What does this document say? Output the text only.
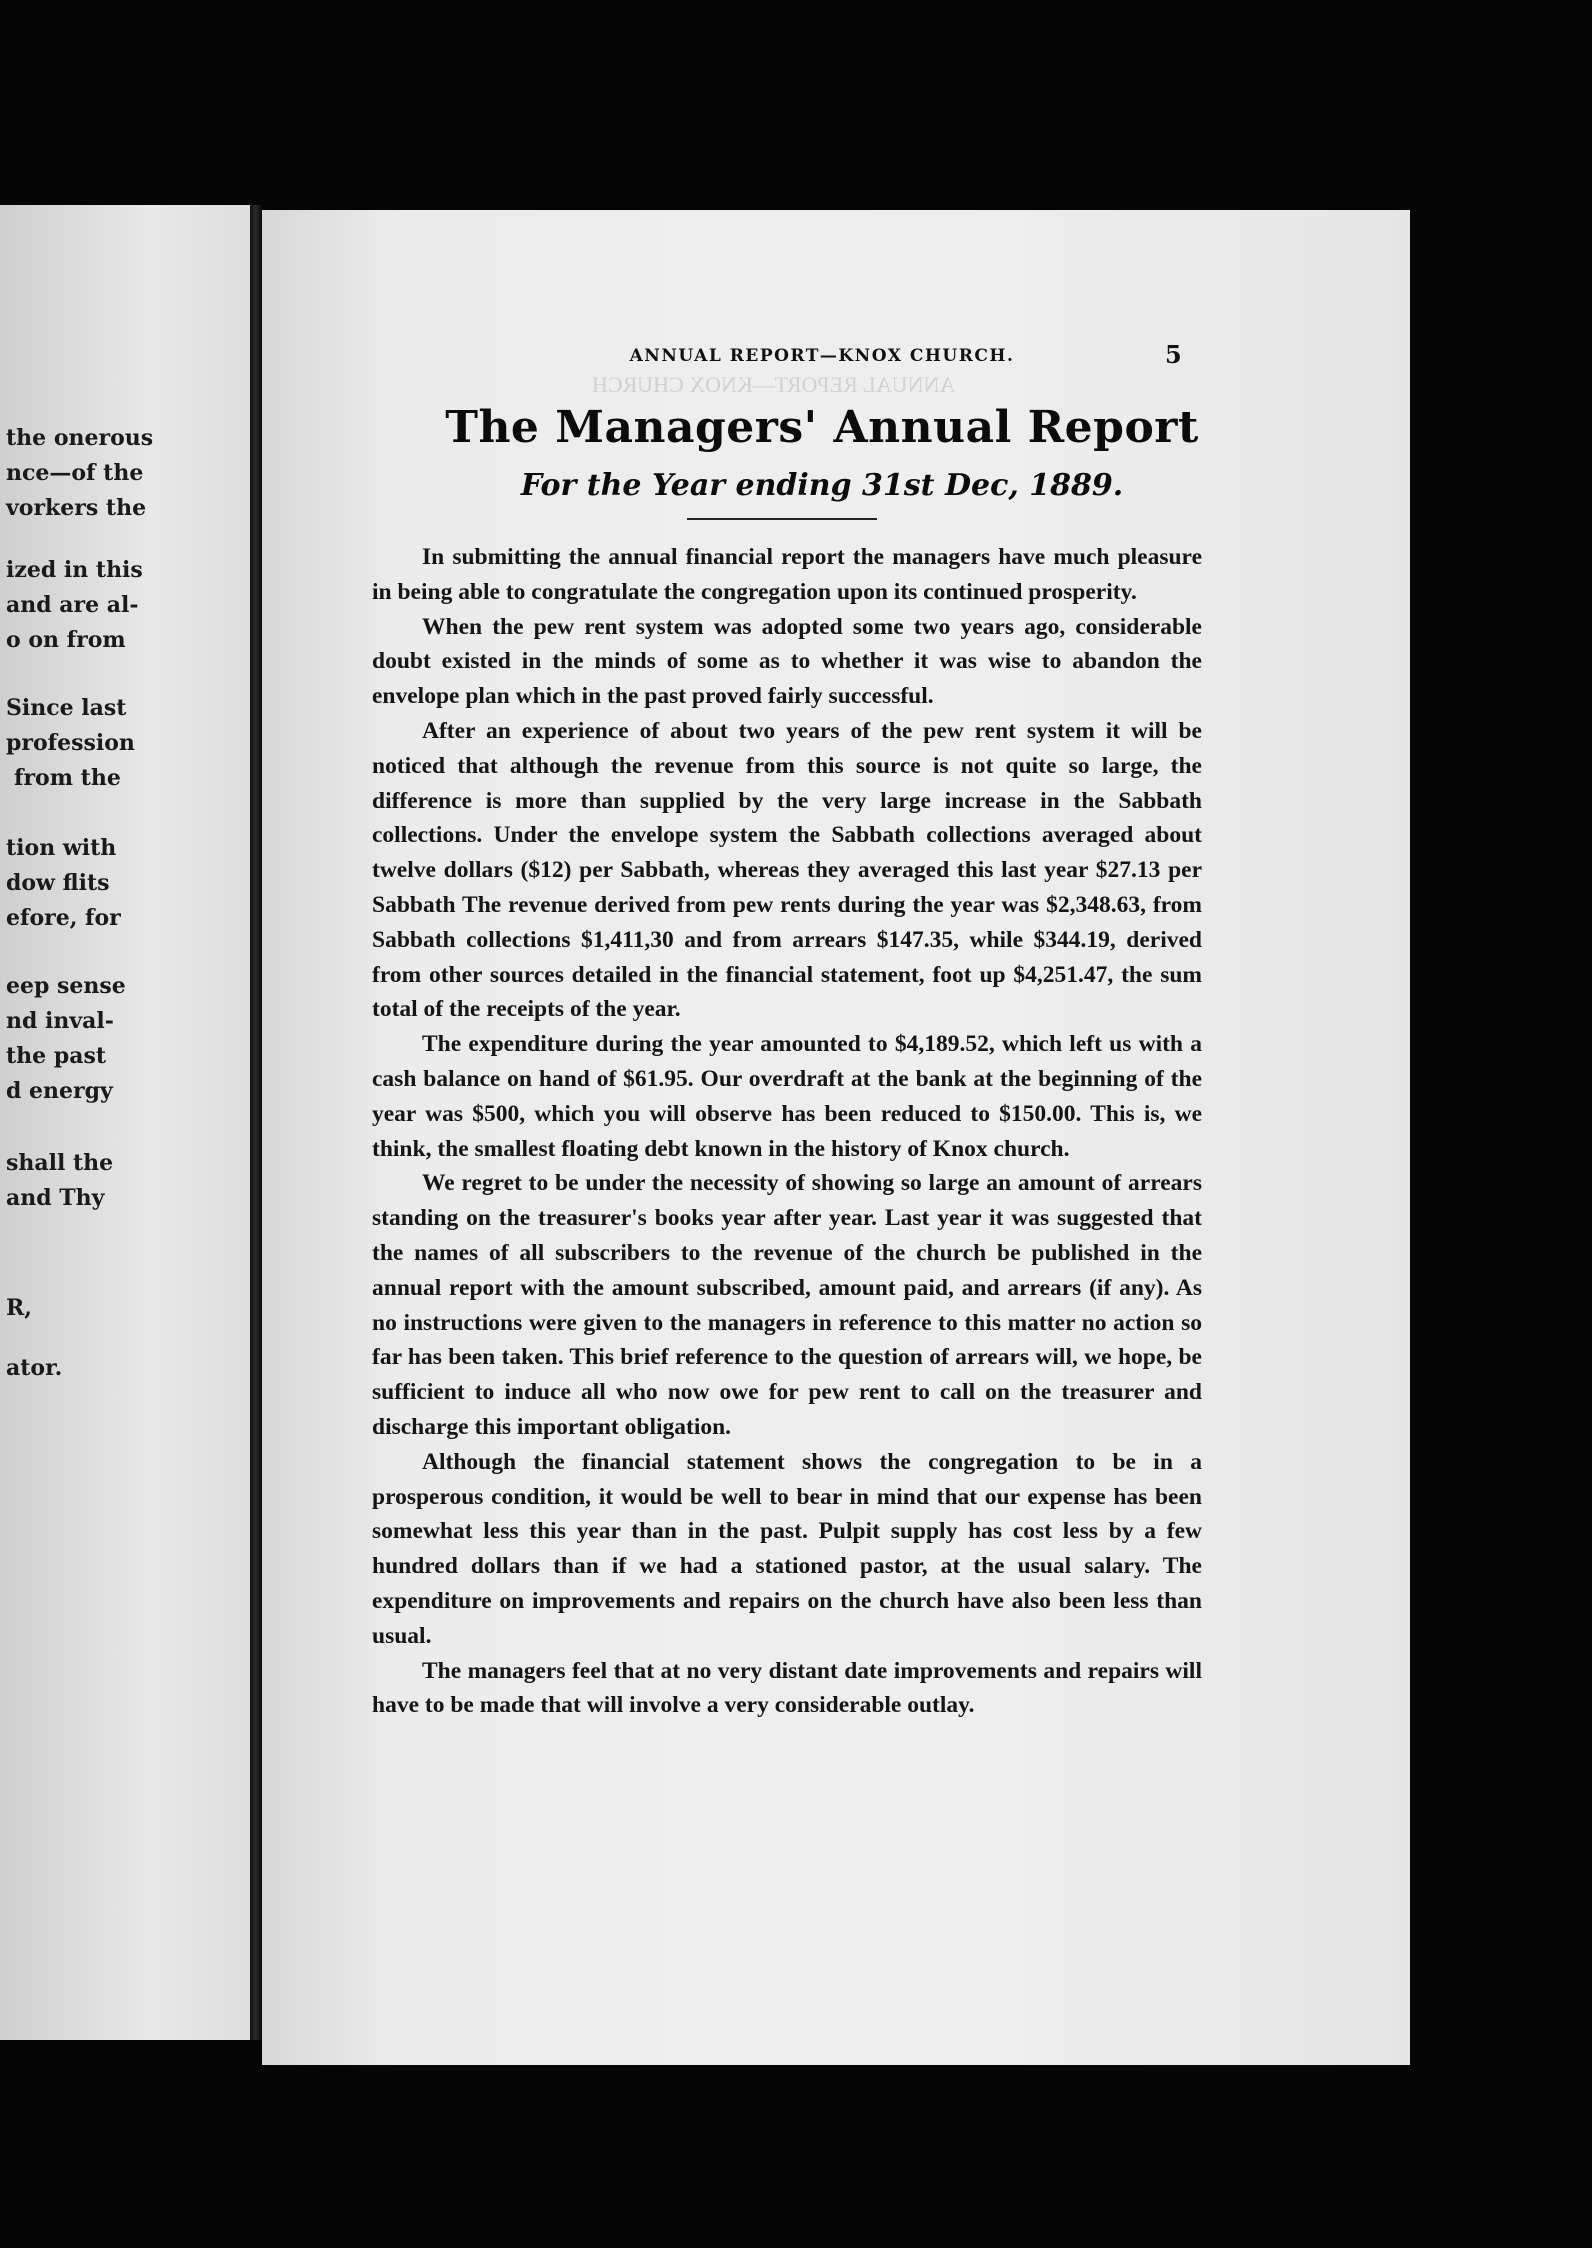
the onerous
nce—of the
vorkers the
ized in this
and are al-
o on from
Since last
profession
from the
tion with
dow flits
efore, for
eep sense
nd inval-
the past
d energy
shall the
and Thy
R,
ator.
ANNUAL REPORT—KNOX CHURCH
ANNUAL REPORT—KNOX CHURCH.	5
The Managers' Annual Report
For the Year ending 31st Dec, 1889.

In submitting the annual financial report the managers have much pleasure in being able to congratulate the congregation upon its continued prosperity.

When the pew rent system was adopted some two years ago, considerable doubt existed in the minds of some as to whether it was wise to abandon the envelope plan which in the past proved fairly successful.

After an experience of about two years of the pew rent system it will be noticed that although the revenue from this source is not quite so large, the difference is more than supplied by the very large increase in the Sabbath collections. Under the envelope system the Sabbath collections averaged about twelve dollars ($12) per Sabbath, whereas they averaged this last year $27.13 per Sabbath The revenue derived from pew rents during the year was $2,348.63, from Sabbath collections $1,411,30 and from arrears $147.35, while $344.19, derived from other sources detailed in the financial statement, foot up $4,251.47, the sum total of the receipts of the year.

The expenditure during the year amounted to $4,189.52, which left us with a cash balance on hand of $61.95. Our overdraft at the bank at the beginning of the year was $500, which you will observe has been reduced to $150.00. This is, we think, the smallest floating debt known in the history of Knox church.

We regret to be under the necessity of showing so large an amount of arrears standing on the treasurer's books year after year. Last year it was suggested that the names of all subscribers to the revenue of the church be published in the annual report with the amount subscribed, amount paid, and arrears (if any). As no instructions were given to the managers in reference to this matter no action so far has been taken. This brief reference to the question of arrears will, we hope, be sufficient to induce all who now owe for pew rent to call on the treasurer and discharge this important obligation.

Although the financial statement shows the congregation to be in a prosperous condition, it would be well to bear in mind that our expense has been somewhat less this year than in the past. Pulpit supply has cost less by a few hundred dollars than if we had a stationed pastor, at the usual salary. The expenditure on improvements and repairs on the church have also been less than usual.

The managers feel that at no very distant date improvements and repairs will have to be made that will involve a very considerable outlay.
